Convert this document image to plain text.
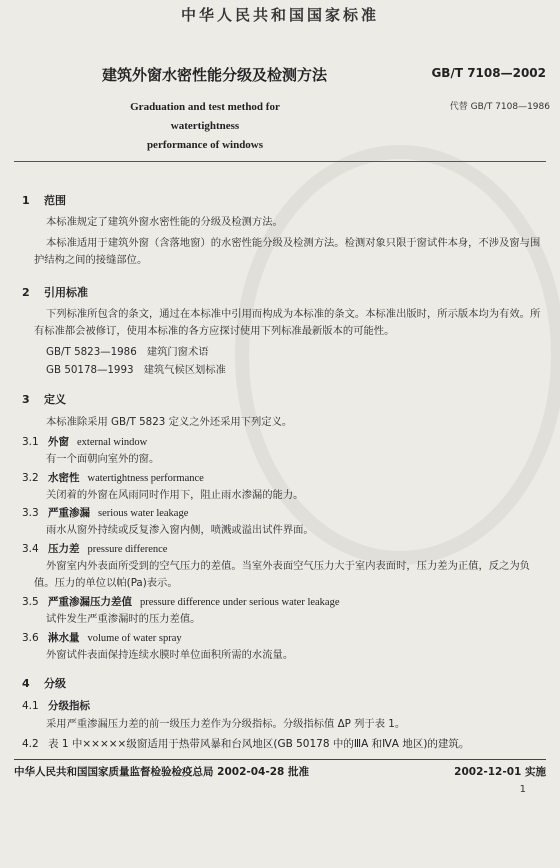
中华人民共和国国家标准
建筑外窗水密性能分级及检测方法	GB/T 7108—2002
Graduation and test method for watertightness
performance of windows
代替 GB/T 7108—1986
1 范围
本标准规定了建筑外窗水密性能的分级及检测方法。
本标准适用于建筑外窗（含落地窗）的水密性能分级及检测方法。检测对象只限于窗试件本身，不涉及窗与围护结构之间的接缝部位。
2 引用标准
下列标准所包含的条文，通过在本标准中引用而构成为本标准的条文。本标准出版时，所示版本均为有效。所有标准都会被修订，使用本标准的各方应探讨使用下列标准最新版本的可能性。
GB/T 5823—1986 建筑门窗术语
GB 50178—1993 建筑气候区划标准
3 定义
本标准除采用 GB/T 5823 定义之外还采用下列定义。
3.1 外窗 external window
有一个面朝向室外的窗。
3.2 水密性 watertightness performance
关闭着的外窗在风雨同时作用下，阻止雨水渗漏的能力。
3.3 严重渗漏 serious water leakage
雨水从窗外持续或反复渗入窗内侧，喷溅或溢出试件界面。
3.4 压力差 pressure difference
外窗室内外表面所受到的空气压力的差值。当室外表面空气压力大于室内表面时，压力差为正值，反之为负值。压力的单位以帕(Pa)表示。
3.5 严重渗漏压力差值 pressure difference under serious water leakage
试件发生严重渗漏时的压力差值。
3.6 淋水量 volume of water spray
外窗试件表面保持连续水膜时单位面积所需的水流量。
4 分级
4.1 分级指标
采用严重渗漏压力差的前一级压力差作为分级指标。分级指标值 ΔP 列于表 1。
4.2 表 1 中×××××级窗适用于热带风暴和台风地区(GB 50178 中的ⅢA 和ⅣA 地区)的建筑。
中华人民共和国国家质量监督检验检疫总局 2002-04-28 批准	2002-12-01 实施
1
